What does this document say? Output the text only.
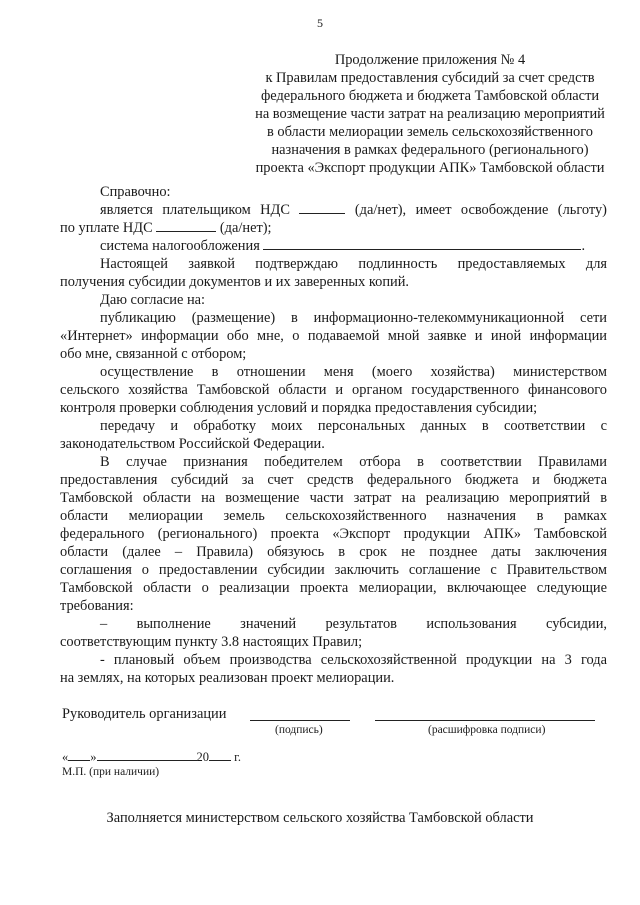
5
Продолжение приложения № 4
к Правилам предоставления субсидий за счет средств
федерального бюджета и бюджета Тамбовской области
на возмещение части затрат на реализацию мероприятий
в области мелиорации земель сельскохозяйственного
назначения в рамках федерального (регионального)
проекта «Экспорт продукции АПК» Тамбовской области
Справочно:
является плательщиком НДС	(да/нет), имеет освобождение (льготу)
по уплате НДС	(да/нет);
система налогообложения	.
Настоящей заявкой подтверждаю подлинность предоставляемых для
получения субсидии документов и их заверенных копий.
Даю согласие на:
публикацию (размещение) в информационно-телекоммуникационной сети
«Интернет» информации обо мне, о подаваемой мной заявке и иной информации
обо мне, связанной с отбором;
осуществление в отношении меня (моего хозяйства) министерством
сельского хозяйства Тамбовской области и органом государственного финансового
контроля проверки соблюдения условий и порядка предоставления субсидии;
передачу и обработку моих персональных данных в соответствии с
законодательством Российской Федерации.
В случае признания победителем отбора в соответствии Правилами
предоставления субсидий за счет средств федерального бюджета и бюджета
Тамбовской области на возмещение части затрат на реализацию мероприятий в
области мелиорации земель сельскохозяйственного назначения в рамках
федерального (регионального) проекта «Экспорт продукции АПК» Тамбовской
области (далее – Правила) обязуюсь в срок не позднее даты заключения
соглашения о предоставлении субсидии заключить соглашение с Правительством
Тамбовской области о реализации проекта мелиорации, включающее следующие
требования:
– выполнение значений результатов использования субсидии,
соответствующим пункту 3.8 настоящих Правил;
- плановый объем производства сельскохозяйственной продукции на 3 года
на землях, на которых реализован проект мелиорации.
Руководитель организации
(подпись)	(расшифровка подписи)
« »	20 г.
М.П. (при наличии)
Заполняется министерством сельского хозяйства Тамбовской области
